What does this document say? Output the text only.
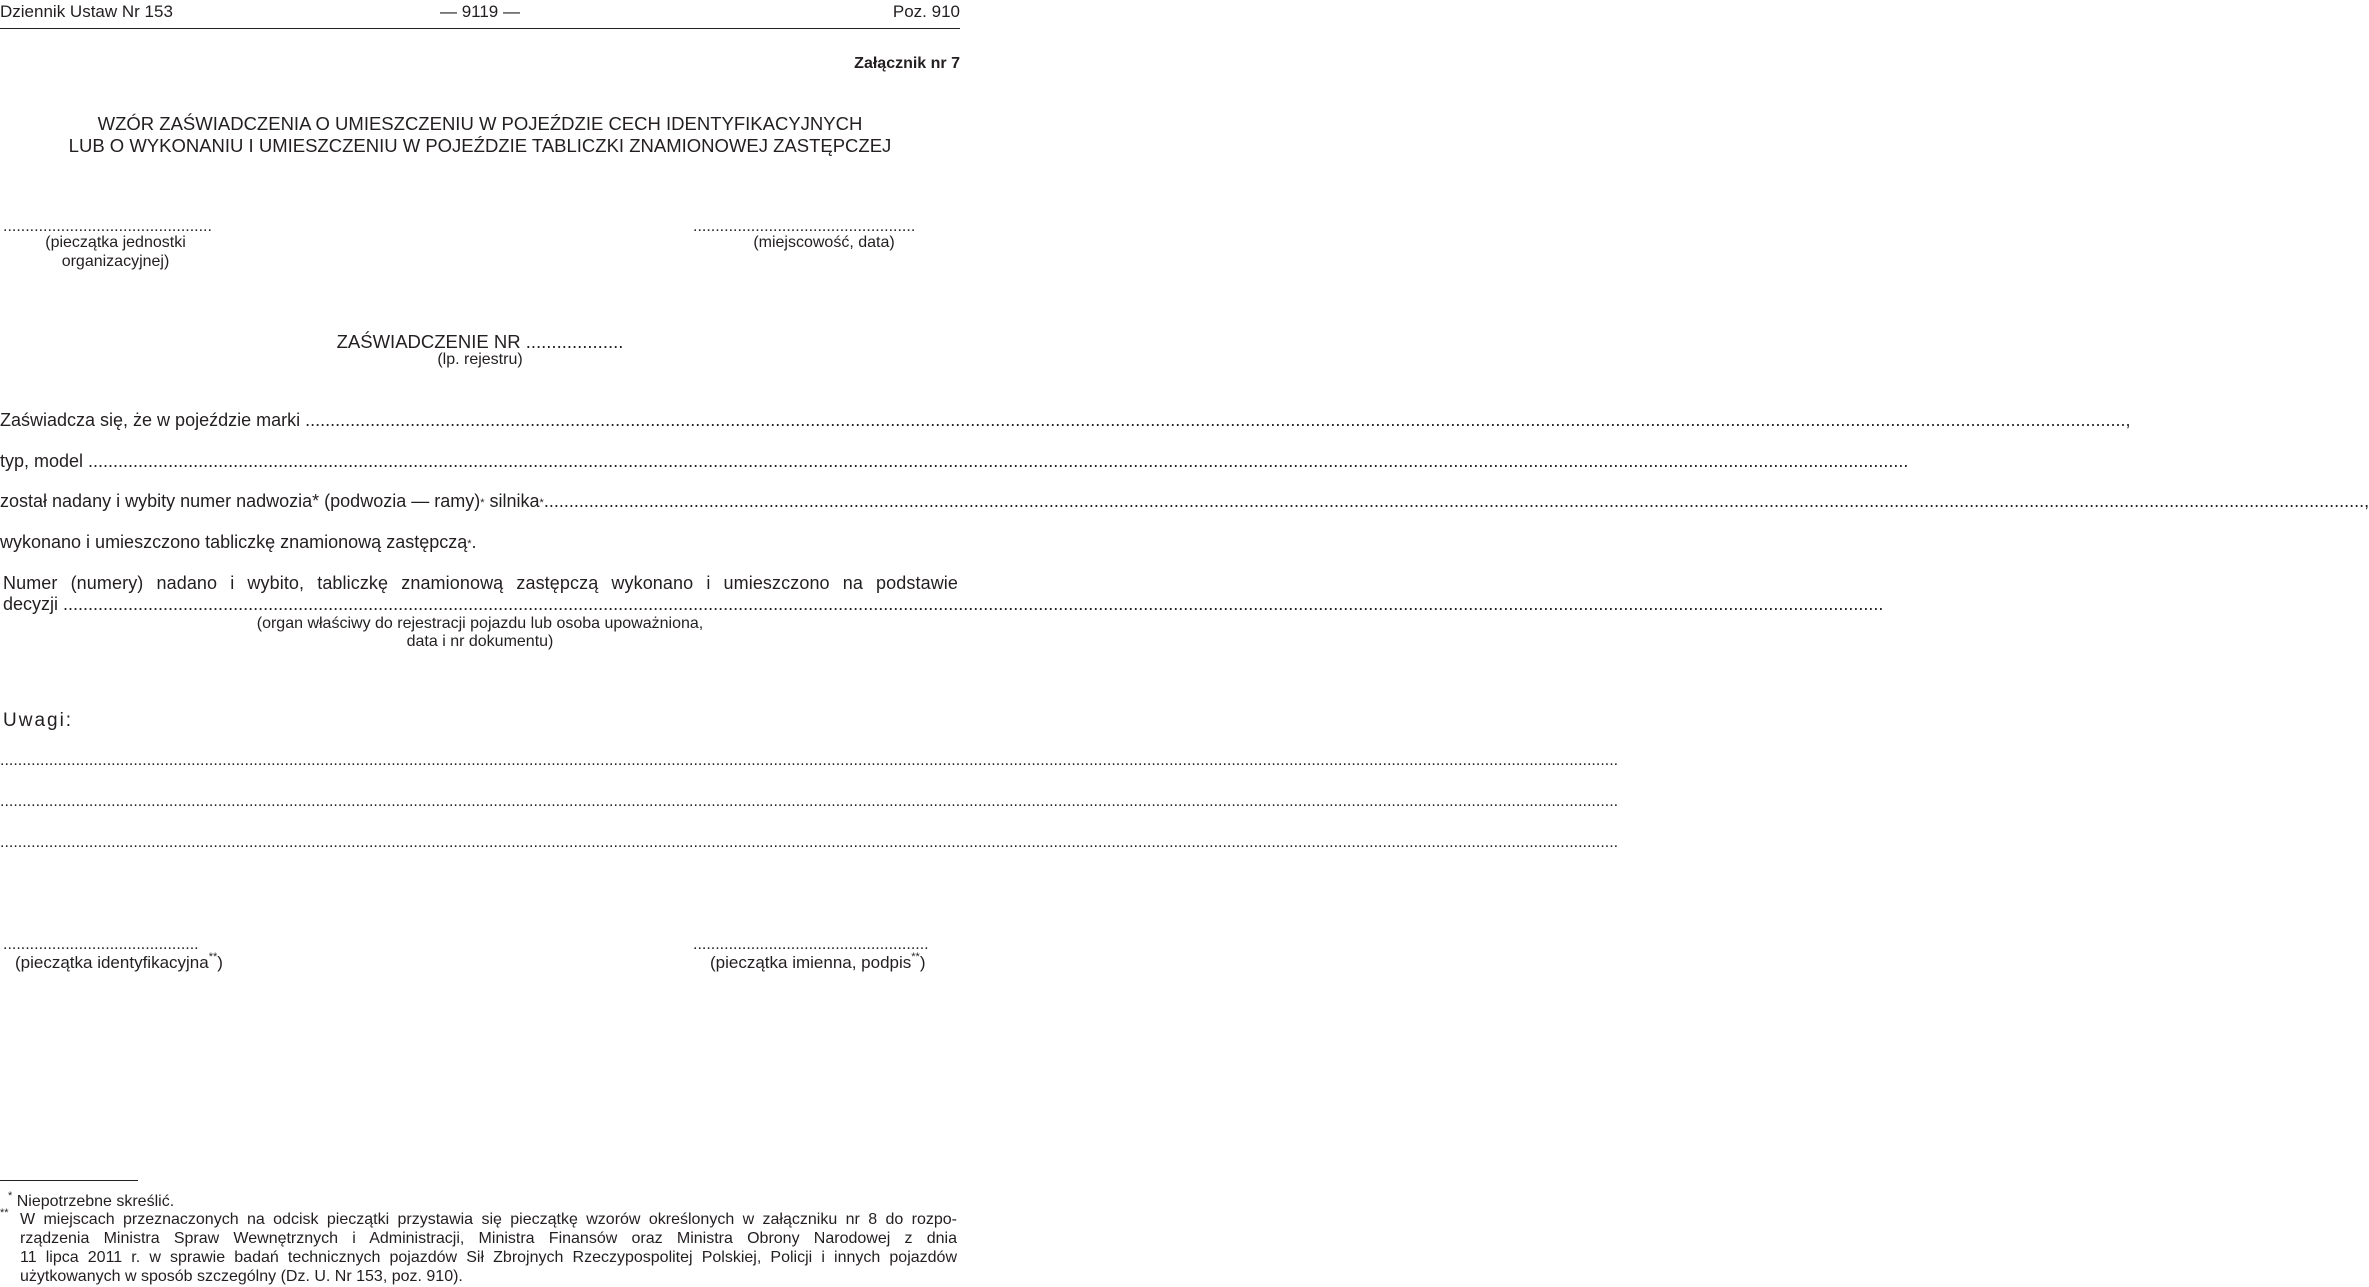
Dziennik Ustaw Nr 153	— 9119 —	Poz. 910
Załącznik nr 7
WZÓR ZAŚWIADCZENIA O UMIESZCZENIU W POJEŹDZIE CECH IDENTYFIKACYJNYCH
LUB O WYKONANIU I UMIESZCZENIU W POJEŹDZIE TABLICZKI ZNAMIONOWEJ ZASTĘPCZEJ
...............................................
(pieczątka jednostki
organizacyjnej)
..................................................
(miejscowość, data)
ZAŚWIADCZENIE NR ...................
(lp. rejestru)
Zaświadcza się, że w pojeździe marki ............................................................................................................................................................................................................................................................................................................................................................................ ,
typ, model ............................................................................................................................................................................................................................................................................................................................................................................
został nadany i wybity numer nadwozia* (podwozia — ramy)* silnika* ............................................................................................................................................................................................................................................................................................................................................................................ ,
wykonano i umieszczono tabliczkę znamionową zastępczą* .
Numer (numery) nadano i wybito, tabliczkę znamionową zastępczą wykonano i umieszczono na podstawie
decyzji ............................................................................................................................................................................................................................................................................................................................................................................
(organ właściwy do rejestracji pojazdu lub osoba upoważniona,
data i nr dokumentu)
Uwagi:
............................................................................................................................................................................................................................................................................................................................................................................
............................................................................................................................................................................................................................................................................................................................................................................
............................................................................................................................................................................................................................................................................................................................................................................
............................................
(pieczątka identyfikacyjna**)
.....................................................
(pieczątka imienna, podpis**)
* Niepotrzebne skreślić.
** W miejscach przeznaczonych na odcisk pieczątki przystawia się pieczątkę wzorów określonych w załączniku nr 8 do rozpo-
rządzenia Ministra Spraw Wewnętrznych i Administracji, Ministra Finansów oraz Ministra Obrony Narodowej z dnia
11 lipca 2011 r. w sprawie badań technicznych pojazdów Sił Zbrojnych Rzeczypospolitej Polskiej, Policji i innych pojazdów
użytkowanych w sposób szczególny (Dz. U. Nr 153, poz. 910).
